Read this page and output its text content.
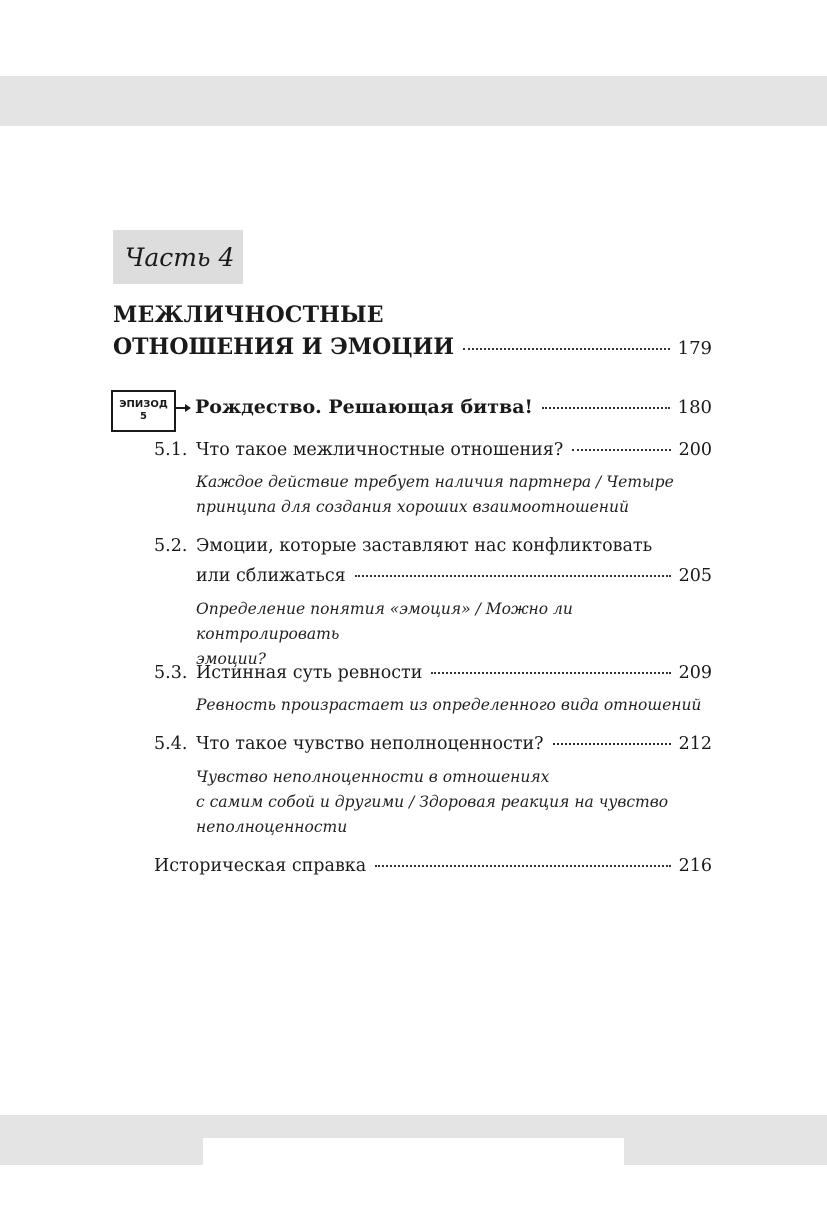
Часть 4
МЕЖЛИЧНОСТНЫЕ
ОТНОШЕНИЯ И ЭМОЦИИ	179
ЭПИЗОД
5	Рождество. Решающая битва!	180
5.1. Что такое межличностные отношения?	200
Каждое действие требует наличия партнера / Четыре
принципа для создания хороших взаимоотношений
5.2. Эмоции, которые заставляют нас конфликтовать
или сближаться	205
Определение понятия «эмоция» / Можно ли контролировать
эмоции?
5.3. Истинная суть ревности	209
Ревность произрастает из определенного вида отношений
5.4. Что такое чувство неполноценности?	212
Чувство неполноценности в отношениях
с самим собой и другими / Здоровая реакция на чувство
неполноценности
Историческая справка	216
